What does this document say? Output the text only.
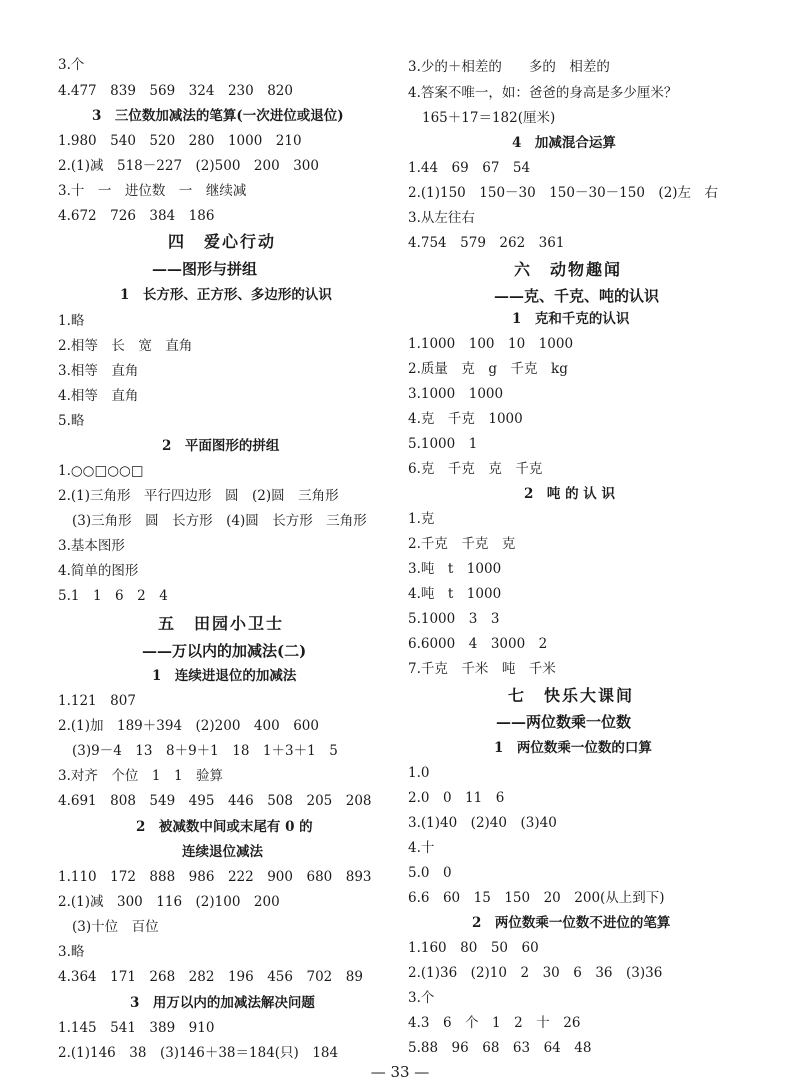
3.个
4.477　839　569　324　230　820
3　三位数加减法的笔算(一次进位或退位)
1.980　540　520　280　1000　210
2.(1)减　518－227　(2)500　200　300
3.十　一　进位数　一　继续减
4.672　726　384　186
四　爱心行动
——图形与拼组
1　长方形、正方形、多边形的认识
1.略
2.相等　长　宽　直角
3.相等　直角
4.相等　直角
5.略
2　平面图形的拼组
1.○○□○○□
2.(1)三角形　平行四边形　圆　(2)圆　三角形
(3)三角形　圆　长方形　(4)圆　长方形　三角形
3.基本图形
4.简单的图形
5.1　1　6　2　4
五　田园小卫士
——万以内的加减法(二)
1　连续进退位的加减法
1.121　807
2.(1)加　189＋394　(2)200　400　600
(3)9－4　13　8＋9＋1　18　1＋3＋1　5
3.对齐　个位　1　1　验算
4.691　808　549　495　446　508　205　208
2　被减数中间或末尾有 0 的
连续退位减法
1.110　172　888　986　222　900　680　893
2.(1)减　300　116　(2)100　200
(3)十位　百位
3.略
4.364　171　268　282　196　456　702　89
3　用万以内的加减法解决问题
1.145　541　389　910
2.(1)146　38　(3)146＋38＝184(只)　184
3.少的＋相差的　　多的　相差的
4.答案不唯一，如：爸爸的身高是多少厘米？
165＋17＝182(厘米)
4　加减混合运算
1.44　69　67　54
2.(1)150　150－30　150－30－150　(2)左　右
3.从左往右
4.754　579　262　361
六　动物趣闻
——克、千克、吨的认识
1　克和千克的认识
1.1000　100　10　1000
2.质量　克　g　千克　kg
3.1000　1000
4.克　千克　1000
5.1000　1
6.克　千克　克　千克
2　吨 的 认 识
1.克
2.千克　千克　克
3.吨　t　1000
4.吨　t　1000
5.1000　3　3
6.6000　4　3000　2
7.千克　千米　吨　千米
七　快乐大课间
——两位数乘一位数
1　两位数乘一位数的口算
1.0
2.0　0　11　6
3.(1)40　(2)40　(3)40
4.十
5.0　0
6.6　60　15　150　20　200(从上到下)
2　两位数乘一位数不进位的笔算
1.160　80　50　60
2.(1)36　(2)10　2　30　6　36　(3)36
3.个
4.3　6　个　1　2　十　26
5.88　96　68　63　64　48
— 33 —
